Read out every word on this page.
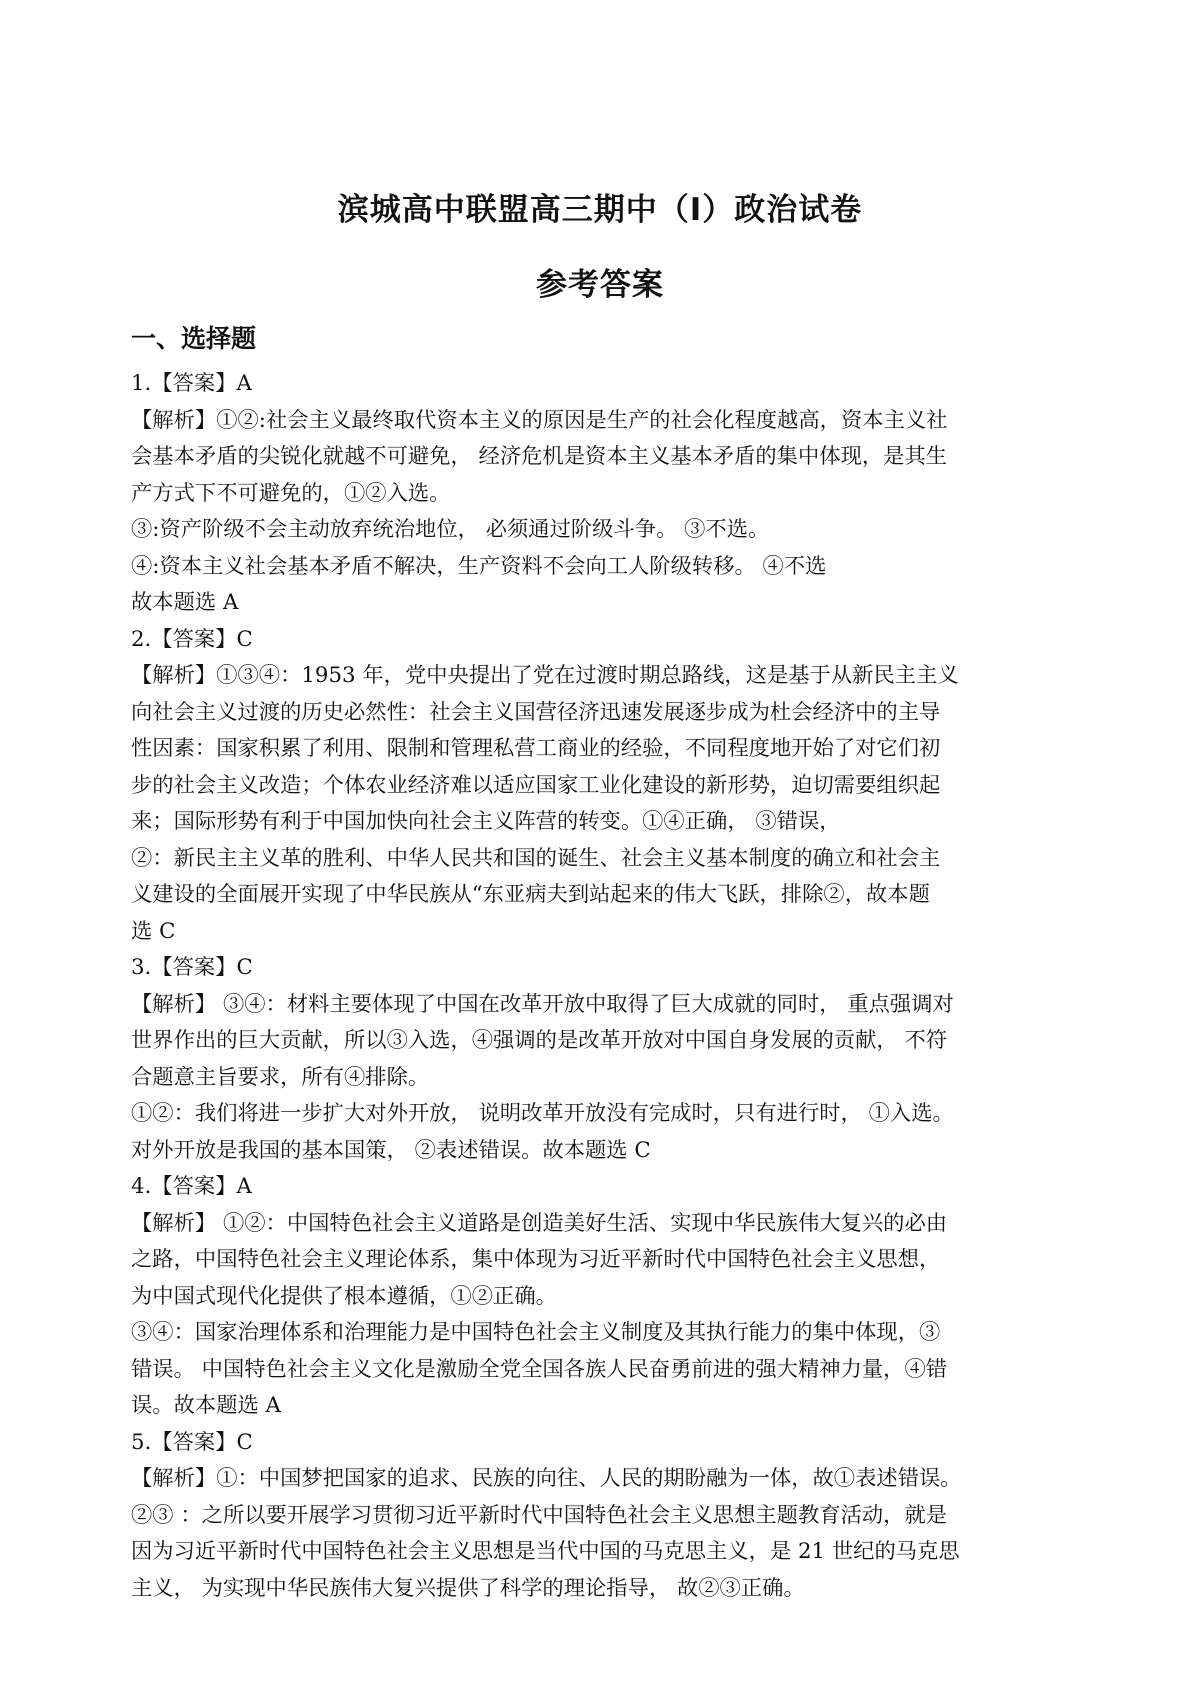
滨城高中联盟高三期中（Ⅰ）政治试卷
参考答案
一、选择题
1.【答案】A
【解析】①②:社会主义最终取代资本主义的原因是生产的社会化程度越高，资本主义社
会基本矛盾的尖锐化就越不可避免， 经济危机是资本主义基本矛盾的集中体现，是其生
产方式下不可避免的，①②入选。
③:资产阶级不会主动放弃统治地位， 必须通过阶级斗争。 ③不选。
④:资本主义社会基本矛盾不解决，生产资料不会向工人阶级转移。 ④不选
故本题选 A
2.【答案】C
【解析】①③④：1953 年，党中央提出了党在过渡时期总路线，这是基于从新民主主义
向社会主义过渡的历史必然性：社会主义国营径济迅速发展逐步成为杜会经济中的主导
性因素：国家积累了利用、限制和管理私营工商业的经验，不同程度地开始了对它们初
步的社会主义改造；个体农业经济难以适应国家工业化建设的新形势，迫切需要组织起
来；国际形势有利于中国加快向社会主义阵营的转变。①④正确， ③错误，
②：新民主主义革的胜利、中华人民共和国的诞生、社会主义基本制度的确立和社会主
义建设的全面展开实现了中华民族从“东亚病夫到站起来的伟大飞跃，排除②，故本题
选 C
3.【答案】C
【解析】 ③④：材料主要体现了中国在改革开放中取得了巨大成就的同时， 重点强调对
世界作出的巨大贡献，所以③入选，④强调的是改革开放对中国自身发展的贡献， 不符
合题意主旨要求，所有④排除。
①②：我们将进一步扩大对外开放， 说明改革开放没有完成时，只有进行时， ①入选。
对外开放是我国的基本国策， ②表述错误。故本题选 C
4.【答案】A
【解析】 ①②：中国特色社会主义道路是创造美好生活、实现中华民族伟大复兴的必由
之路，中国特色社会主义理论体系，集中体现为习近平新时代中国特色社会主义思想，
为中国式现代化提供了根本遵循，①②正确。
③④：国家治理体系和治理能力是中国特色社会主义制度及其执行能力的集中体现，③
错误。 中国特色社会主义文化是激励全党全国各族人民奋勇前进的强大精神力量，④错
误。故本题选 A
5.【答案】C
【解析】①：中国梦把国家的追求、民族的向往、人民的期盼融为一体，故①表述错误。
②③ ：之所以要开展学习贯彻习近平新时代中国特色社会主义思想主题教育活动，就是
因为习近平新时代中国特色社会主义思想是当代中国的马克思主义，是 21 世纪的马克思
主义， 为实现中华民族伟大复兴提供了科学的理论指导， 故②③正确。
